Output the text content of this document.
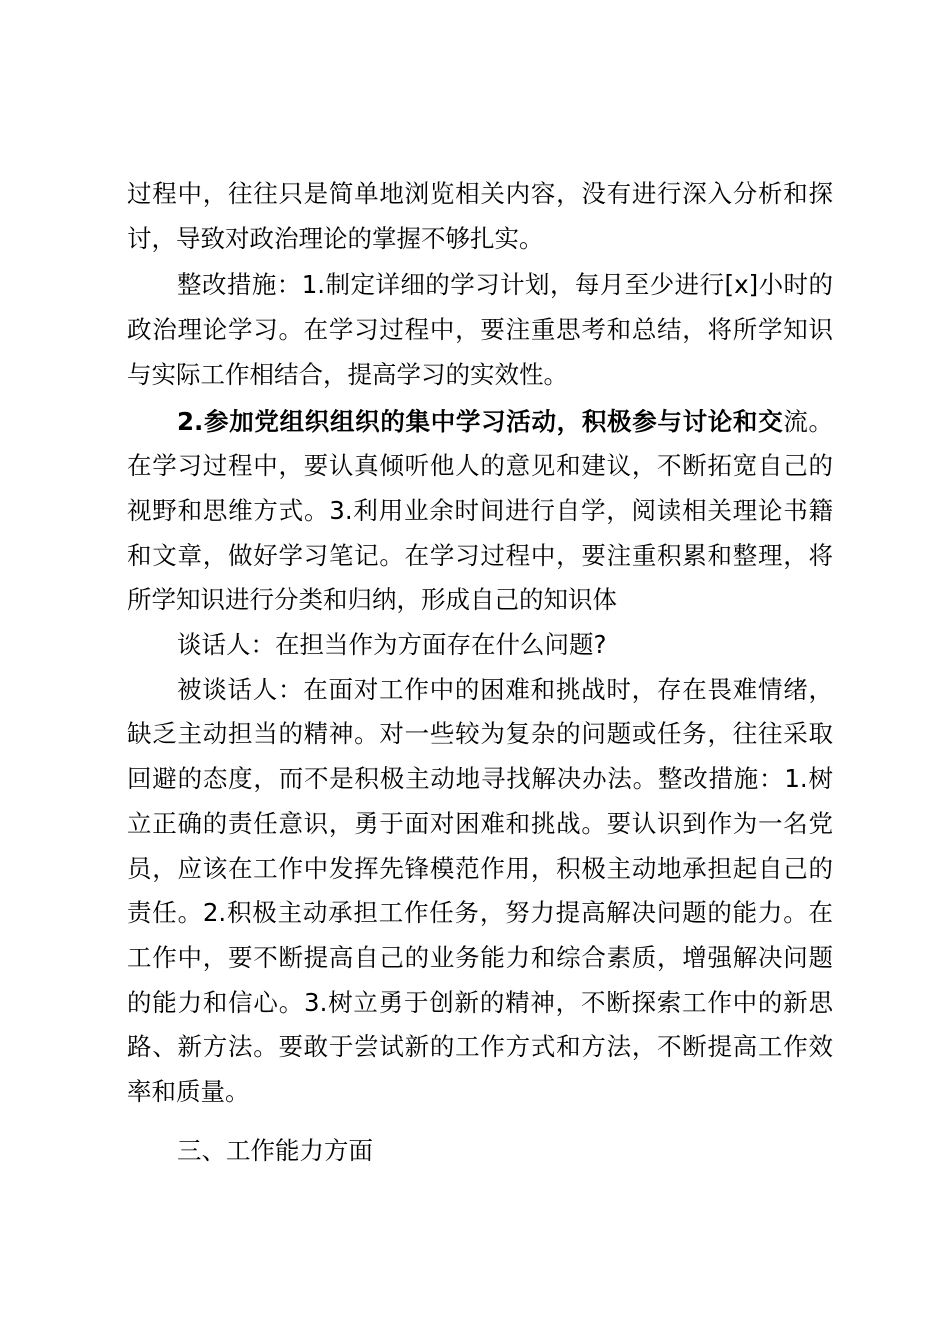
过程中，往往只是简单地浏览相关内容，没有进行深入分析和探讨，导致对政治理论的掌握不够扎实。

整改措施：1.制定详细的学习计划，每月至少进行[x]小时的政治理论学习。在学习过程中，要注重思考和总结，将所学知识与实际工作相结合，提高学习的实效性。

2.参加党组织组织的集中学习活动，积极参与讨论和交流。在学习过程中，要认真倾听他人的意见和建议，不断拓宽自己的视野和思维方式。3.利用业余时间进行自学，阅读相关理论书籍和文章，做好学习笔记。在学习过程中，要注重积累和整理，将所学知识进行分类和归纳，形成自己的知识体

谈话人：在担当作为方面存在什么问题?

被谈话人：在面对工作中的困难和挑战时，存在畏难情绪，缺乏主动担当的精神。对一些较为复杂的问题或任务，往往采取回避的态度，而不是积极主动地寻找解决办法。整改措施：1.树立正确的责任意识，勇于面对困难和挑战。要认识到作为一名党员，应该在工作中发挥先锋模范作用，积极主动地承担起自己的责任。2.积极主动承担工作任务，努力提高解决问题的能力。在工作中，要不断提高自己的业务能力和综合素质，增强解决问题的能力和信心。3.树立勇于创新的精神，不断探索工作中的新思路、新方法。要敢于尝试新的工作方式和方法，不断提高工作效率和质量。

三、工作能力方面
